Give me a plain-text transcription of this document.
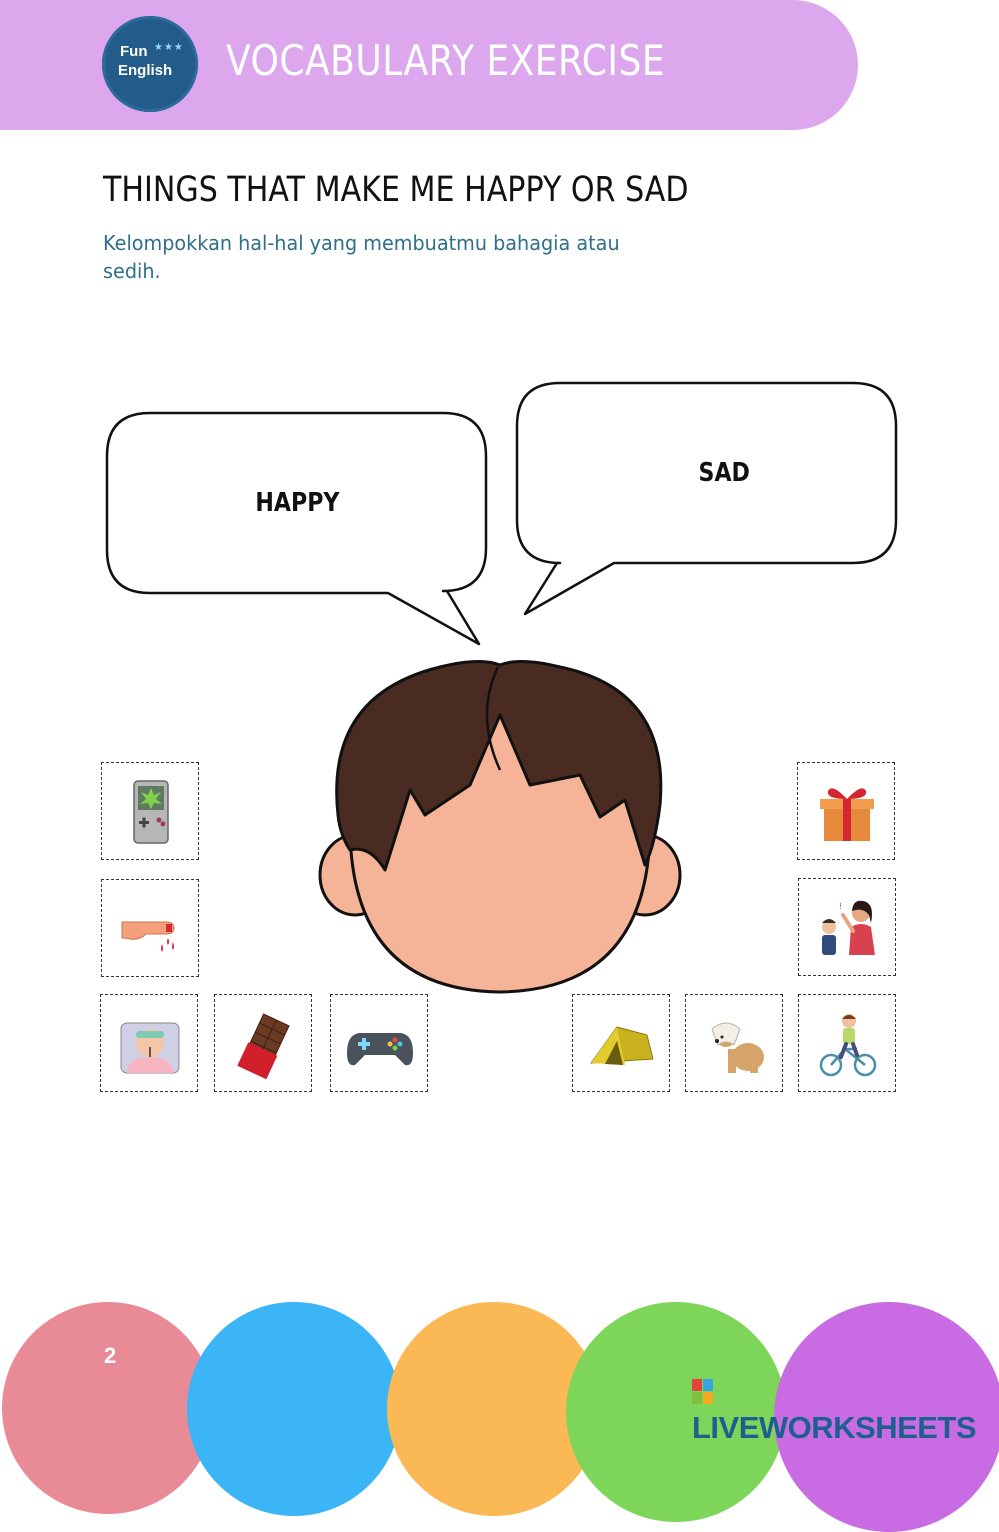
Fun ★★★
English VOCABULARY EXERCISE
THINGS THAT MAKE ME HAPPY OR SAD
Kelompokkan hal-hal yang membuatmu bahagia atau sedih.
HAPPY
SAD
!
2
LIVEWORKSHEETS
